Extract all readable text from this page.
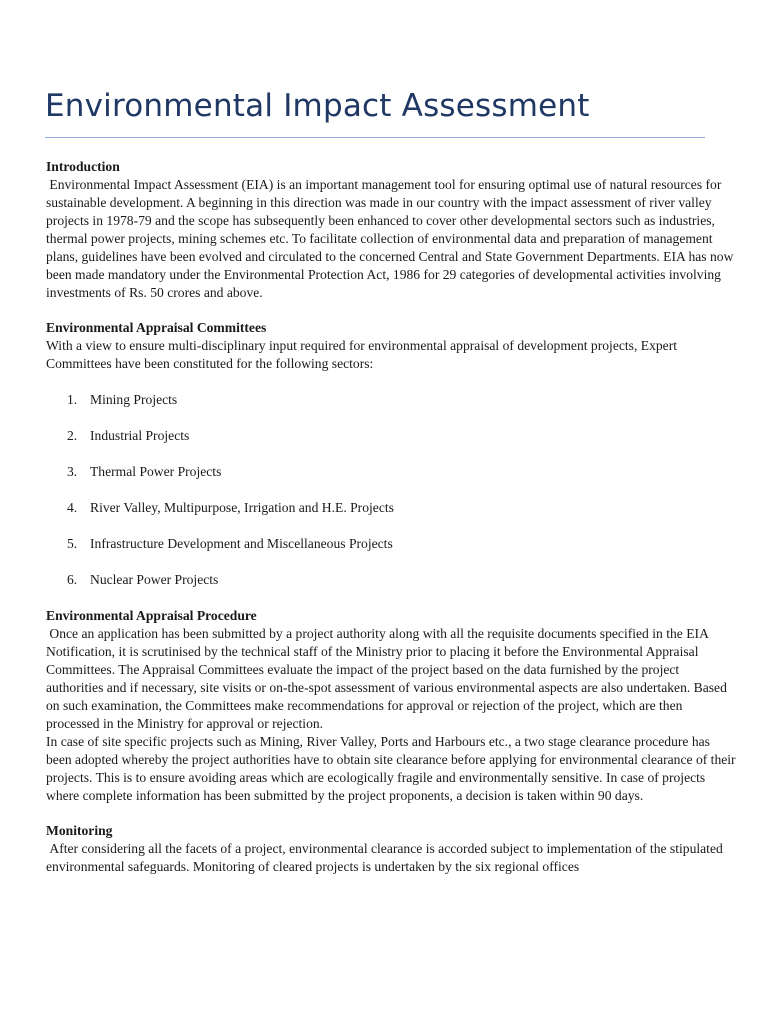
Environmental Impact Assessment
Introduction

Environmental Impact Assessment (EIA) is an important management tool for ensuring optimal use of natural resources for sustainable development. A beginning in this direction was made in our country with the impact assessment of river valley projects in 1978-79 and the scope has subsequently been enhanced to cover other developmental sectors such as industries, thermal power projects, mining schemes etc. To facilitate collection of environmental data and preparation of management plans, guidelines have been evolved and circulated to the concerned Central and State Government Departments. EIA has now been made mandatory under the Environmental Protection Act, 1986 for 29 categories of developmental activities involving investments of Rs. 50 crores and above.

Environmental Appraisal Committees

With a view to ensure multi-disciplinary input required for environmental appraisal of development projects, Expert Committees have been constituted for the following sectors:

1. Mining Projects
2. Industrial Projects
3. Thermal Power Projects
4. River Valley, Multipurpose, Irrigation and H.E. Projects
5. Infrastructure Development and Miscellaneous Projects
6. Nuclear Power Projects
Environmental Appraisal Procedure

Once an application has been submitted by a project authority along with all the requisite documents specified in the EIA Notification, it is scrutinised by the technical staff of the Ministry prior to placing it before the Environmental Appraisal Committees. The Appraisal Committees evaluate the impact of the project based on the data furnished by the project authorities and if necessary, site visits or on-the-spot assessment of various environmental aspects are also undertaken. Based on such examination, the Committees make recommendations for approval or rejection of the project, which are then processed in the Ministry for approval or rejection.

In case of site specific projects such as Mining, River Valley, Ports and Harbours etc., a two stage clearance procedure has been adopted whereby the project authorities have to obtain site clearance before applying for environmental clearance of their projects. This is to ensure avoiding areas which are ecologically fragile and environmentally sensitive. In case of projects where complete information has been submitted by the project proponents, a decision is taken within 90 days.

Monitoring

After considering all the facets of a project, environmental clearance is accorded subject to implementation of the stipulated environmental safeguards. Monitoring of cleared projects is undertaken by the six regional offices
